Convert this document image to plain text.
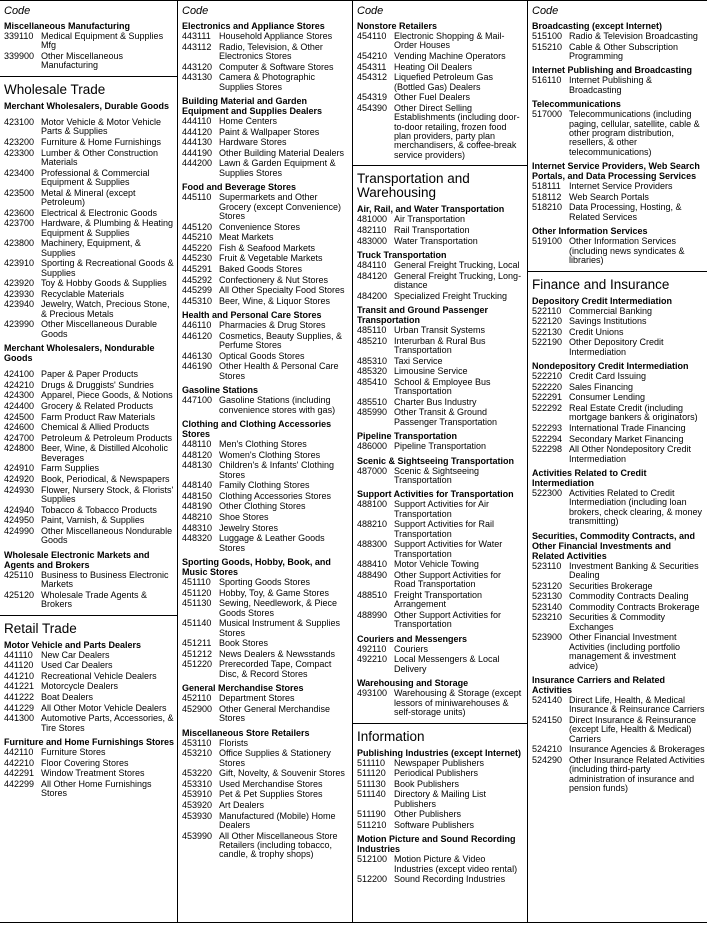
Code
Miscellaneous Manufacturing
339110 Medical Equipment & Supplies Mfg
339900 Other Miscellaneous Manufacturing
Wholesale Trade
Merchant Wholesalers, Durable Goods
423100 Motor Vehicle & Motor Vehicle Parts & Supplies
423200 Furniture & Home Furnishings
423300 Lumber & Other Construction Materials
423400 Professional & Commercial Equipment & Supplies
423500 Metal & Mineral (except Petroleum)
423600 Electrical & Electronic Goods
423700 Hardware, & Plumbing & Heating Equipment & Supplies
423800 Machinery, Equipment, & Supplies
423910 Sporting & Recreational Goods & Supplies
423920 Toy & Hobby Goods & Supplies
423930 Recyclable Materials
423940 Jewelry, Watch, Precious Stone, & Precious Metals
423990 Other Miscellaneous Durable Goods
Merchant Wholesalers, Nondurable Goods
424100 Paper & Paper Products
424210 Drugs & Druggists' Sundries
424300 Apparel, Piece Goods, & Notions
424400 Grocery & Related Products
424500 Farm Product Raw Materials
424600 Chemical & Allied Products
424700 Petroleum & Petroleum Products
424800 Beer, Wine, & Distilled Alcoholic Beverages
424910 Farm Supplies
424920 Book, Periodical, & Newspapers
424930 Flower, Nursery Stock, & Florists' Supplies
424940 Tobacco & Tobacco Products
424950 Paint, Varnish, & Supplies
424990 Other Miscellaneous Nondurable Goods
Wholesale Electronic Markets and Agents and Brokers
425110 Business to Business Electronic Markets
425120 Wholesale Trade Agents & Brokers
Retail Trade
Motor Vehicle and Parts Dealers
441110 New Car Dealers
441120 Used Car Dealers
441210 Recreational Vehicle Dealers
441221 Motorcycle Dealers
441222 Boat Dealers
441229 All Other Motor Vehicle Dealers
441300 Automotive Parts, Accessories, & Tire Stores
Furniture and Home Furnishings Stores
442110 Furniture Stores
442210 Floor Covering Stores
442291 Window Treatment Stores
442299 All Other Home Furnishings Stores
Code
Electronics and Appliance Stores
443111 Household Appliance Stores
443112 Radio, Television, & Other Electronics Stores
443120 Computer & Software Stores
443130 Camera & Photographic Supplies Stores
Building Material and Garden Equipment and Supplies Dealers
444110 Home Centers
444120 Paint & Wallpaper Stores
444130 Hardware Stores
444190 Other Building Material Dealers
444200 Lawn & Garden Equipment & Supplies Stores
Food and Beverage Stores
445110 Supermarkets and Other Grocery (except Convenience) Stores
445120 Convenience Stores
445210 Meat Markets
445220 Fish & Seafood Markets
445230 Fruit & Vegetable Markets
445291 Baked Goods Stores
445292 Confectionery & Nut Stores
445299 All Other Specialty Food Stores
445310 Beer, Wine, & Liquor Stores
Health and Personal Care Stores
446110 Pharmacies & Drug Stores
446120 Cosmetics, Beauty Supplies, & Perfume Stores
446130 Optical Goods Stores
446190 Other Health & Personal Care Stores
Gasoline Stations
447100 Gasoline Stations (including convenience stores with gas)
Clothing and Clothing Accessories Stores
448110 Men's Clothing Stores
448120 Women's Clothing Stores
448130 Children's & Infants' Clothing Stores
448140 Family Clothing Stores
448150 Clothing Accessories Stores
448190 Other Clothing Stores
448210 Shoe Stores
448310 Jewelry Stores
448320 Luggage & Leather Goods Stores
Sporting Goods, Hobby, Book, and Music Stores
451110 Sporting Goods Stores
451120 Hobby, Toy, & Game Stores
451130 Sewing, Needlework, & Piece Goods Stores
451140 Musical Instrument & Supplies Stores
451211 Book Stores
451212 News Dealers & Newsstands
451220 Prerecorded Tape, Compact Disc, & Record Stores
General Merchandise Stores
452110 Department Stores
452900 Other General Merchandise Stores
Miscellaneous Store Retailers
453110 Florists
453210 Office Supplies & Stationery Stores
453220 Gift, Novelty, & Souvenir Stores
453310 Used Merchandise Stores
453910 Pet & Pet Supplies Stores
453920 Art Dealers
453930 Manufactured (Mobile) Home Dealers
453990 All Other Miscellaneous Store Retailers (including tobacco, candle, & trophy shops)
Code
Nonstore Retailers
454110 Electronic Shopping & Mail-Order Houses
454210 Vending Machine Operators
454311 Heating Oil Dealers
454312 Liquefied Petroleum Gas (Bottled Gas) Dealers
454319 Other Fuel Dealers
454390 Other Direct Selling Establishments (including door-to-door retailing, frozen food plan providers, party plan merchandisers, & coffee-break service providers)
Transportation and Warehousing
Air, Rail, and Water Transportation
481000 Air Transportation
482110 Rail Transportation
483000 Water Transportation
Truck Transportation
484110 General Freight Trucking, Local
484120 General Freight Trucking, Long-distance
484200 Specialized Freight Trucking
Transit and Ground Passenger Transportation
485110 Urban Transit Systems
485210 Interurban & Rural Bus Transportation
485310 Taxi Service
485320 Limousine Service
485410 School & Employee Bus Transportation
485510 Charter Bus Industry
485990 Other Transit & Ground Passenger Transportation
Pipeline Transportation
486000 Pipeline Transportation
Scenic & Sightseeing Transportation
487000 Scenic & Sightseeing Transportation
Support Activities for Transportation
488100 Support Activities for Air Transportation
488210 Support Activities for Rail Transportation
488300 Support Activities for Water Transportation
488410 Motor Vehicle Towing
488490 Other Support Activities for Road Transportation
488510 Freight Transportation Arrangement
488990 Other Support Activities for Transportation
Couriers and Messengers
492110 Couriers
492210 Local Messengers & Local Delivery
Warehousing and Storage
493100 Warehousing & Storage (except lessors of miniwarehouses & self-storage units)
Information
Publishing Industries (except Internet)
511110 Newspaper Publishers
511120 Periodical Publishers
511130 Book Publishers
511140 Directory & Mailing List Publishers
511190 Other Publishers
511210 Software Publishers
Motion Picture and Sound Recording Industries
512100 Motion Picture & Video Industries (except video rental)
512200 Sound Recording Industries
Code
Broadcasting (except Internet)
515100 Radio & Television Broadcasting
515210 Cable & Other Subscription Programming
Internet Publishing and Broadcasting
516110 Internet Publishing & Broadcasting
Telecommunications
517000 Telecommunications (including paging, cellular, satellite, cable & other program distribution, resellers, & other telecommunications)
Internet Service Providers, Web Search Portals, and Data Processing Services
518111 Internet Service Providers
518112 Web Search Portals
518210 Data Processing, Hosting, & Related Services
Other Information Services
519100 Other Information Services (including news syndicates & libraries)
Finance and Insurance
Depository Credit Intermediation
522110 Commercial Banking
522120 Savings Institutions
522130 Credit Unions
522190 Other Depository Credit Intermediation
Nondepository Credit Intermediation
522210 Credit Card Issuing
522220 Sales Financing
522291 Consumer Lending
522292 Real Estate Credit (including mortgage bankers & originators)
522293 International Trade Financing
522294 Secondary Market Financing
522298 All Other Nondepository Credit Intermediation
Activities Related to Credit Intermediation
522300 Activities Related to Credit Intermediation (including loan brokers, check clearing, & money transmitting)
Securities, Commodity Contracts, and Other Financial Investments and Related Activities
523110 Investment Banking & Securities Dealing
523120 Securities Brokerage
523130 Commodity Contracts Dealing
523140 Commodity Contracts Brokerage
523210 Securities & Commodity Exchanges
523900 Other Financial Investment Activities (including portfolio management & investment advice)
Insurance Carriers and Related Activities
524140 Direct Life, Health, & Medical Insurance & Reinsurance Carriers
524150 Direct Insurance & Reinsurance (except Life, Health & Medical) Carriers
524210 Insurance Agencies & Brokerages
524290 Other Insurance Related Activities (including third-party administration of insurance and pension funds)
